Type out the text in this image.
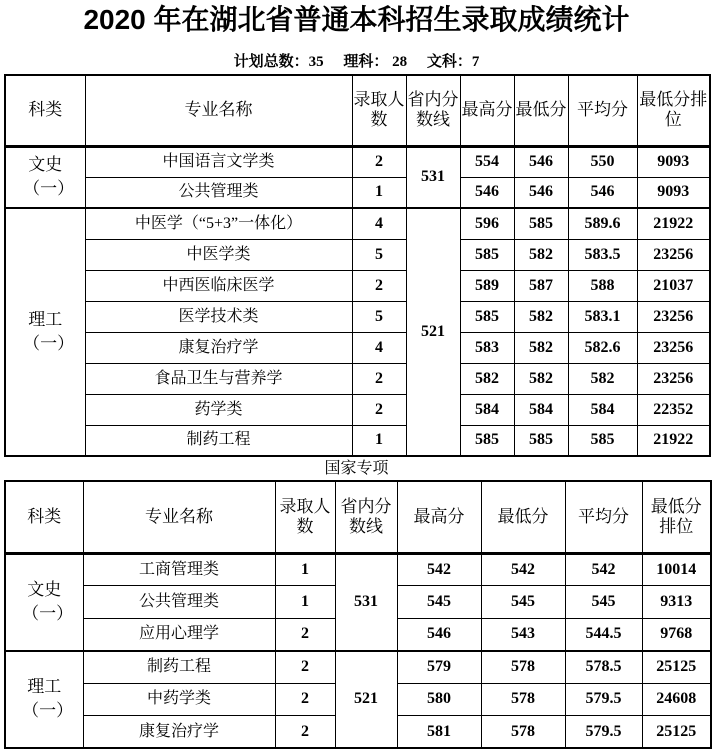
2020 年在湖北省普通本科招生录取成绩统计
计划总数：35 理科： 28 文科：7
科类	专业名称	录取人数	省内分数线	最高分	最低分	平均分	最低分排位
文史（一）	中国语言文学类	2	531	554	546	550	9093
	公共管理类	1		546	546	546	9093
理工（一）	中医学（“5+3”一体化）	4	521	596	585	589.6	21922
	中医学类	5		585	582	583.5	23256
	中西医临床医学	2		589	587	588	21037
	医学技术类	5		585	582	583.1	23256
	康复治疗学	4		583	582	582.6	23256
	食品卫生与营养学	2		582	582	582	23256
	药学类	2		584	584	584	22352
	制药工程	1		585	585	585	21922
国家专项
科类	专业名称	录取人数	省内分数线	最高分	最低分	平均分	最低分排位
文史（一）	工商管理类	1	531	542	542	542	10014
	公共管理类	1		545	545	545	9313
	应用心理学	2		546	543	544.5	9768
理工（一）	制药工程	2	521	579	578	578.5	25125
	中药学类	2		580	578	579.5	24608
	康复治疗学	2		581	578	579.5	25125
